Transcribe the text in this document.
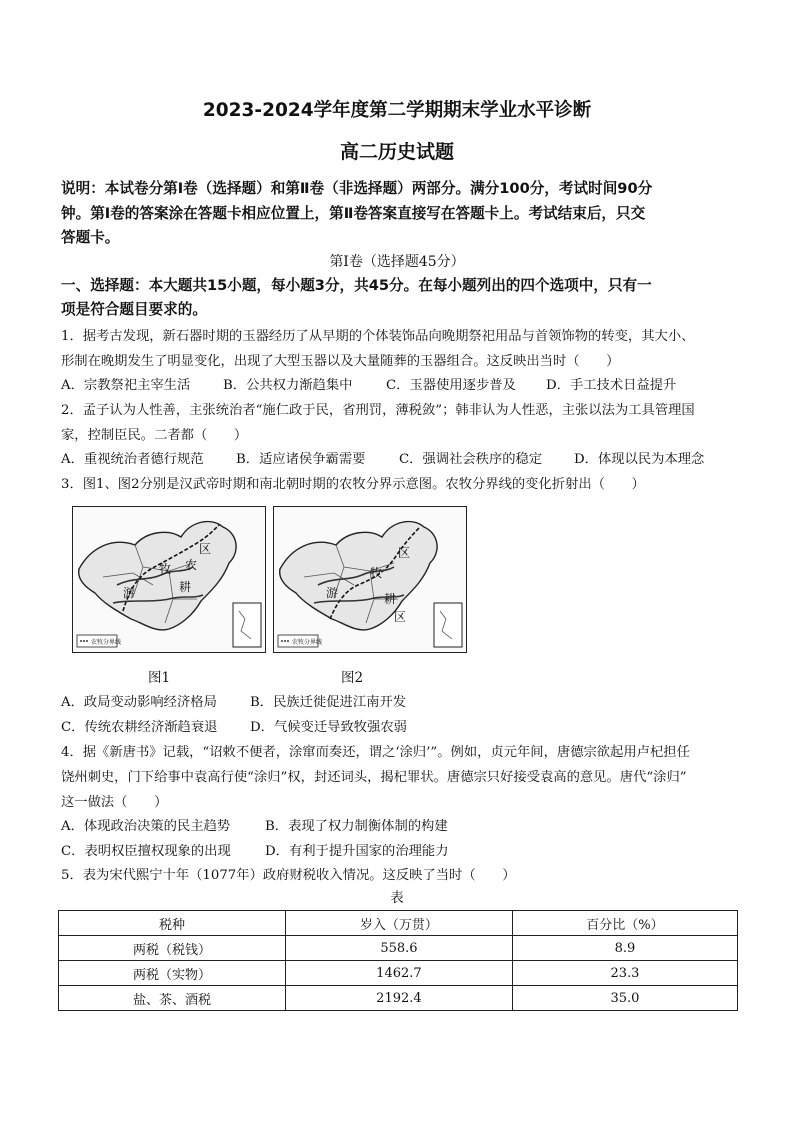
2023-2024学年度第二学期期末学业水平诊断
高二历史试题
说明：本试卷分第Ⅰ卷（选择题）和第Ⅱ卷（非选择题）两部分。满分100分，考试时间90分
钟。第Ⅰ卷的答案涂在答题卡相应位置上，第Ⅱ卷答案直接写在答题卡上。考试结束后，只交
答题卡。
第Ⅰ卷（选择题45分）
一、选择题：本大题共15小题，每小题3分，共45分。在每小题列出的四个选项中，只有一
项是符合题目要求的。
1．据考古发现，新石器时期的玉器经历了从早期的个体装饰品向晚期祭祀用品与首领饰物的转变，其大小、
形制在晚期发生了明显变化，出现了大型玉器以及大量随葬的玉器组合。这反映出当时（　　）
A．宗教祭祀主宰生活 B．公共权力渐趋集中	C．玉器使用逐步普及 D．手工技术日益提升
2．孟子认为人性善，主张统治者“施仁政于民，省刑罚，薄税敛”；韩非认为人性恶，主张以法为工具管理国
家，控制臣民。二者都（　　）
A．重视统治者德行规范 B．适应诸侯争霸需要	C．强调社会秩序的稳定 D．体现以民为本理念
3．图1、图2分别是汉武帝时期和南北朝时期的农牧分界示意图。农牧分界线的变化折射出（　　）
农牧分界线
牧
区
农
耕
游
农牧分界线
牧
区
游	耕
区
图1	图2
A．政局变动影响经济格局 B．民族迁徙促进江南开发
C．传统农耕经济渐趋衰退 D．气候变迁导致牧强农弱
4．据《新唐书》记载，“诏敕不便者，涂窜而奏还，谓之‘涂归’”。例如，贞元年间，唐德宗欲起用卢杞担任
饶州刺史，门下给事中袁高行使“涂归”权，封还词头，揭杞罪状。唐德宗只好接受袁高的意见。唐代“涂归”
这一做法（　　）
A．体现政治决策的民主趋势	B．表现了权力制衡体制的构建
C．表明权臣擅权现象的出现	D．有利于提升国家的治理能力
5．表为宋代熙宁十年（1077年）政府财税收入情况。这反映了当时（　　）
表
税种	岁入（万贯）	百分比（%）
两税（税钱）	558.6	8.9
两税（实物）	1462.7	23.3
盐、茶、酒税	2192.4	35.0
